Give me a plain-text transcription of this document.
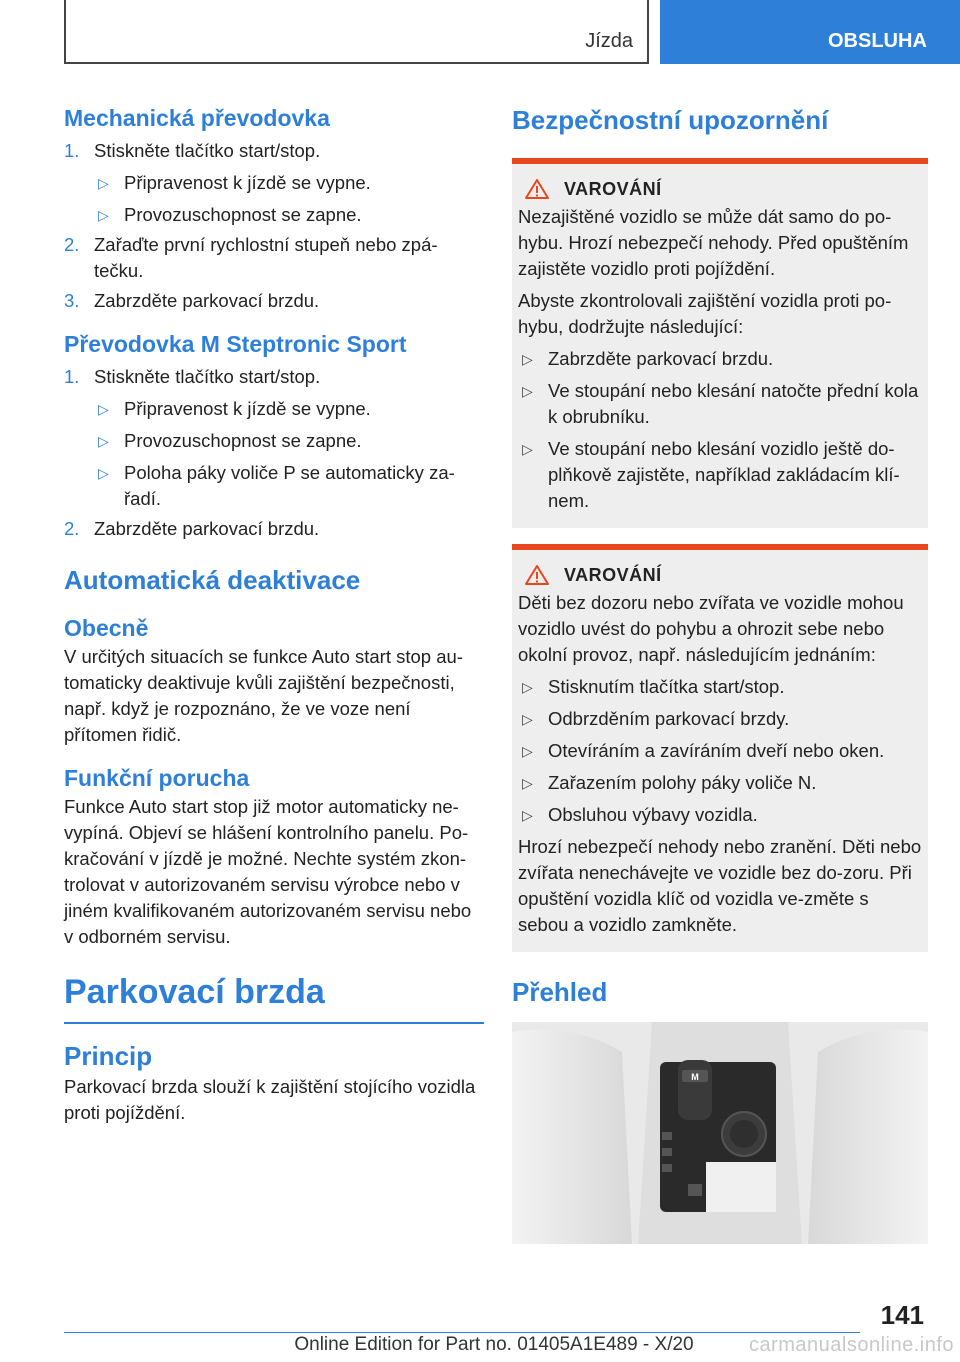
Jízda	OBSLUHA
Mechanická převodovka
1. Stiskněte tlačítko start/stop.
▷ Připravenost k jízdě se vypne.
▷ Provozuschopnost se zapne.
2. Zařaďte první rychlostní stupeň nebo zpá‐tečku.
3. Zabrzděte parkovací brzdu.
Převodovka M Steptronic Sport
1. Stiskněte tlačítko start/stop.
▷ Připravenost k jízdě se vypne.
▷ Provozuschopnost se zapne.
▷ Poloha páky voliče P se automaticky za‐řadí.
2. Zabrzděte parkovací brzdu.
Automatická deaktivace
Obecně

V určitých situacích se funkce Auto start stop au‐tomaticky deaktivuje kvůli zajištění bezpečnosti, např. když je rozpoznáno, že ve voze není přítomen řidič.

Funkční porucha

Funkce Auto start stop již motor automaticky ne‐vypíná. Objeví se hlášení kontrolního panelu. Po‐kračování v jízdě je možné. Nechte systém zkon‐trolovat v autorizovaném servisu výrobce nebo v jiném kvalifikovaném autorizovaném servisu nebo v odborném servisu.

Parkovací brzda
Princip

Parkovací brzda slouží k zajištění stojícího vozidla proti pojíždění.

Bezpečnostní upozornění
VAROVÁNÍ

Nezajištěné vozidlo se může dát samo do po‐hybu. Hrozí nebezpečí nehody. Před opuštěním zajistěte vozidlo proti pojíždění.

Abyste zkontrolovali zajištění vozidla proti po‐hybu, dodržujte následující:

▷ Zabrzděte parkovací brzdu.
▷ Ve stoupání nebo klesání natočte přední kola k obrubníku.
▷ Ve stoupání nebo klesání vozidlo ještě do‐plňkově zajistěte, například zakládacím klí‐nem.
VAROVÁNÍ

Děti bez dozoru nebo zvířata ve vozidle mohou vozidlo uvést do pohybu a ohrozit sebe nebo okolní provoz, např. následujícím jednáním:

▷ Stisknutím tlačítka start/stop.
▷ Odbrzděním parkovací brzdy.
▷ Otevíráním a zavíráním dveří nebo oken.
▷ Zařazením polohy páky voliče N.
▷ Obsluhou výbavy vozidla.

Hrozí nebezpečí nehody nebo zranění. Děti nebo zvířata nenechávejte ve vozidle bez do‐zoru. Při opuštění vozidla klíč od vozidla ve‐změte s sebou a vozidlo zamkněte.

Přehled
M
141
Online Edition for Part no. 01405A1E489 - X/20	carmanualsonline.info
